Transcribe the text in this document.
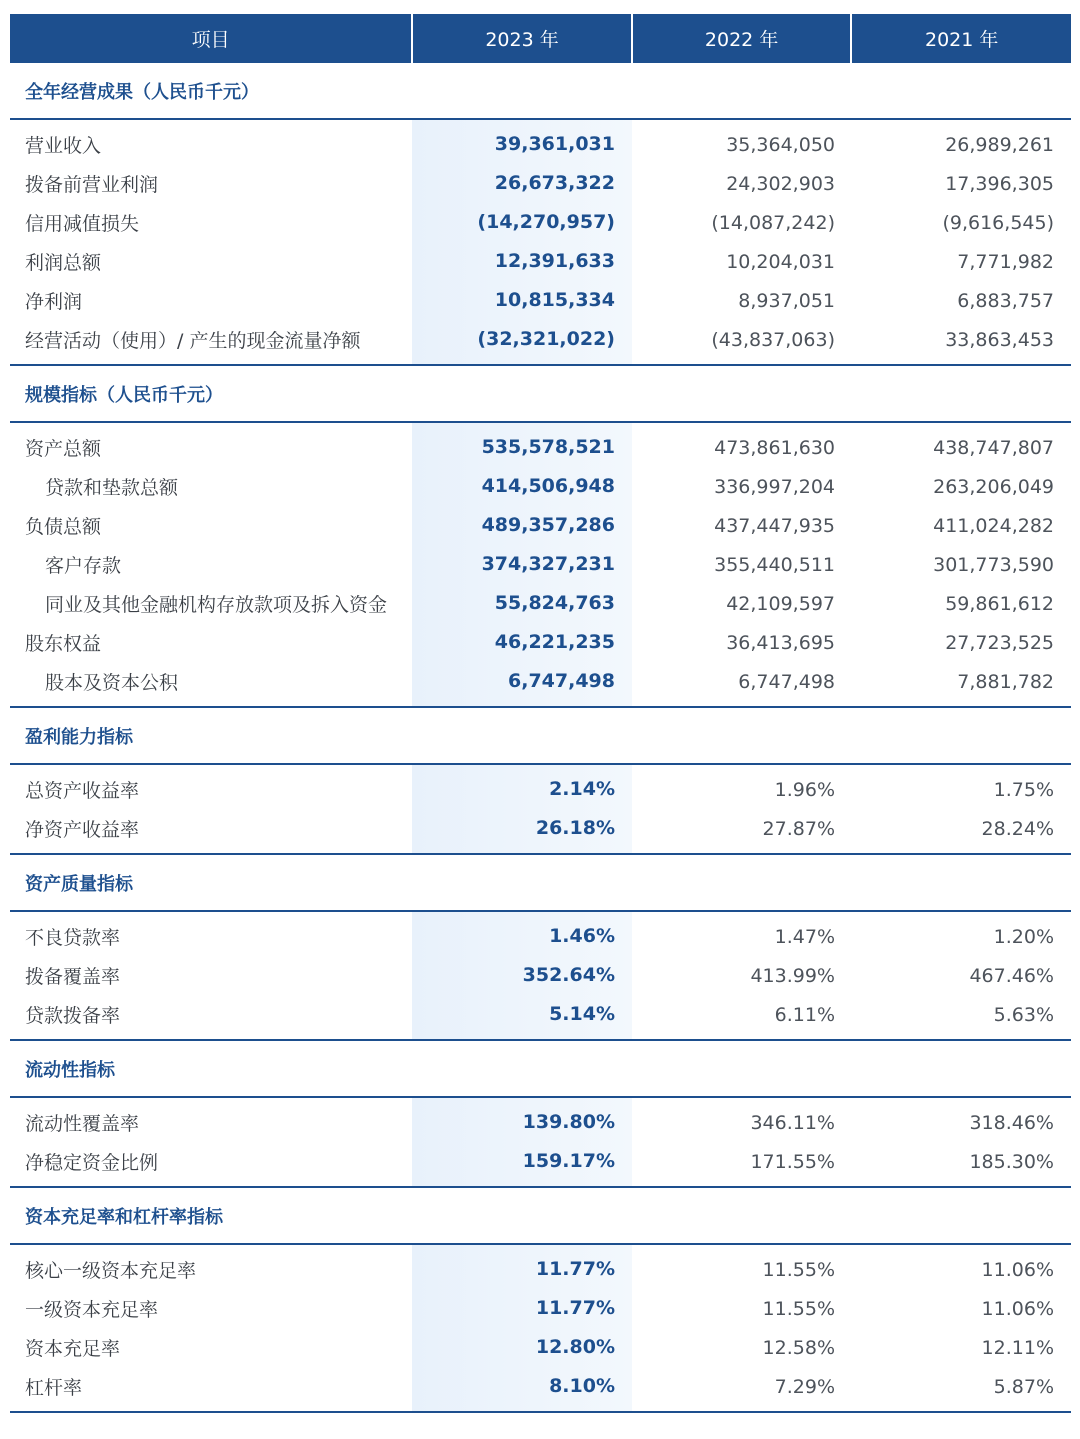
项目	2023 年	2022 年	2021 年
全年经营成果（人民币千元）
营业收入	39,361,031	35,364,050	26,989,261
拨备前营业利润	26,673,322	24,302,903	17,396,305
信用减值损失	(14,270,957)	(14,087,242)	(9,616,545)
利润总额	12,391,633	10,204,031	7,771,982
净利润	10,815,334	8,937,051	6,883,757
经营活动（使用）/ 产生的现金流量净额	(32,321,022)	(43,837,063)	33,863,453
规模指标（人民币千元）
资产总额	535,578,521	473,861,630	438,747,807
贷款和垫款总额	414,506,948	336,997,204	263,206,049
负债总额	489,357,286	437,447,935	411,024,282
客户存款	374,327,231	355,440,511	301,773,590
同业及其他金融机构存放款项及拆入资金	55,824,763	42,109,597	59,861,612
股东权益	46,221,235	36,413,695	27,723,525
股本及资本公积	6,747,498	6,747,498	7,881,782
盈利能力指标
总资产收益率	2.14%	1.96%	1.75%
净资产收益率	26.18%	27.87%	28.24%
资产质量指标
不良贷款率	1.46%	1.47%	1.20%
拨备覆盖率	352.64%	413.99%	467.46%
贷款拨备率	5.14%	6.11%	5.63%
流动性指标
流动性覆盖率	139.80%	346.11%	318.46%
净稳定资金比例	159.17%	171.55%	185.30%
资本充足率和杠杆率指标
核心一级资本充足率	11.77%	11.55%	11.06%
一级资本充足率	11.77%	11.55%	11.06%
资本充足率	12.80%	12.58%	12.11%
杠杆率	8.10%	7.29%	5.87%
